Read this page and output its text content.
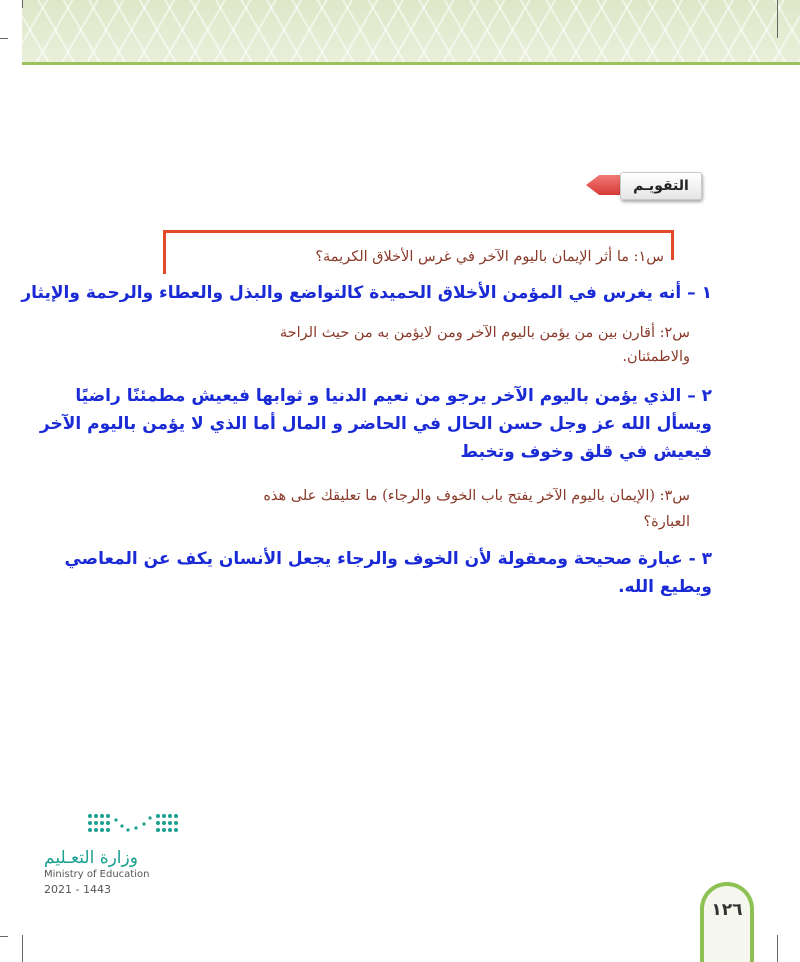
التقويـم
س١: ما أثر الإيمان باليوم الآخر في غرس الأخلاق الكريمة؟
١ – أنه يغرس في المؤمن الأخلاق الحميدة كالتواضع والبذل والعطاء والرحمة والإيثار
س٢: أقارن بين من يؤمن باليوم الآخر ومن لايؤمن به من حيث الراحة
والاطمئنان.
٢ – الذي يؤمن باليوم الآخر يرجو من نعيم الدنيا و ثوابها فيعيش مطمئنًا راضيًا
ويسأل الله عز وجل حسن الحال في الحاضر و المال أما الذي لا يؤمن باليوم الآخر
فيعيش في قلق وخوف وتخبط
س٣: (الإيمان باليوم الآخر يفتح باب الخوف والرجاء) ما تعليقك على هذه
العبارة؟
٣ - عبارة صحيحة ومعقولة لأن الخوف والرجاء يجعل الأنسان يكف عن المعاصي
ويطيع الله.
وزارة التعـليم
Ministry of Education
2021 - 1443
١٢٦
